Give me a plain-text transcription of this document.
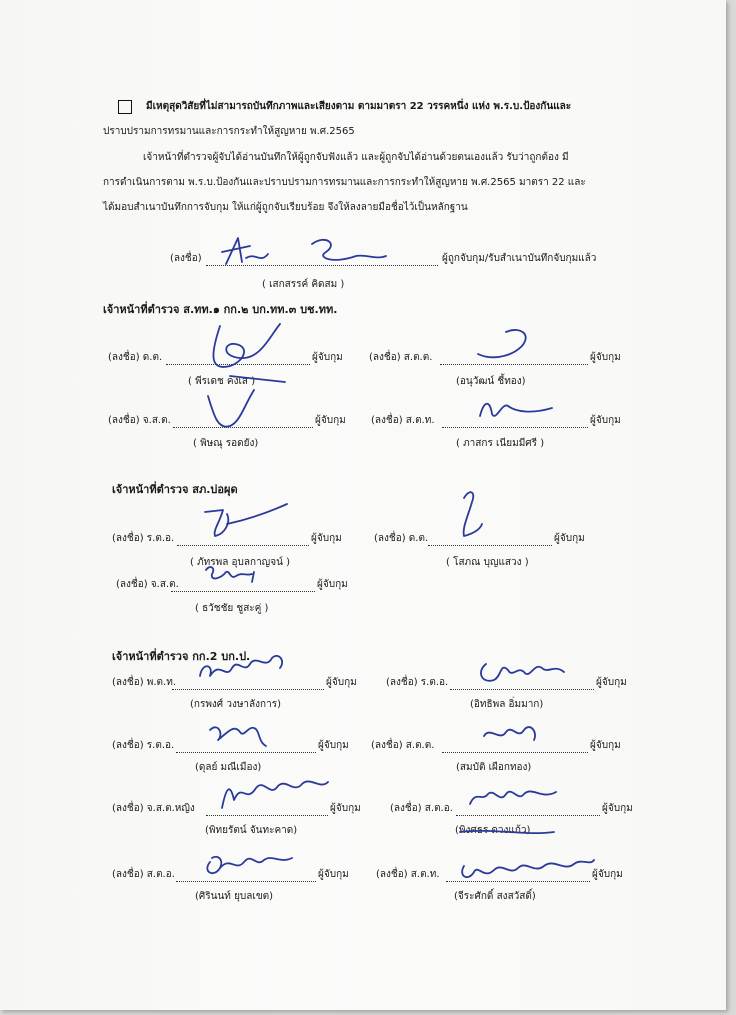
มีเหตุสุดวิสัยที่ไม่สามารถบันทึกภาพและเสียงตาม ตามมาตรา 22 วรรคหนึ่ง แห่ง พ.ร.บ.ป้องกันและ
ปราบปรามการทรมานและการกระทำให้สูญหาย พ.ศ.2565
เจ้าหน้าที่ตำรวจผู้จับได้อ่านบันทึกให้ผู้ถูกจับฟังแล้ว และผู้ถูกจับได้อ่านด้วยตนเองแล้ว รับว่าถูกต้อง มี
การดำเนินการตาม พ.ร.บ.ป้องกันและปราบปรามการทรมานและการกระทำให้สูญหาย พ.ศ.2565 มาตรา 22 และ
ได้มอบสำเนาบันทึกการจับกุม ให้แก่ผู้ถูกจับเรียบร้อย จึงให้ลงลายมือชื่อไว้เป็นหลักฐาน
(ลงชื่อ)	ผู้ถูกจับกุม/รับสำเนาบันทึกจับกุมแล้ว
( เสกสรรค์ คิดสม )
เจ้าหน้าที่ตำรวจ ส.ทท.๑ กก.๒ บก.ทท.๓ บช.ทท.
(ลงชื่อ) ด.ต.	ผู้จับกุม
( พีรเดช คงเส )
(ลงชื่อ) ส.ต.ต.	ผู้จับกุม
(อนุวัฒน์ ชี้ทอง)
(ลงชื่อ) จ.ส.ต.	ผู้จับกุม
( พิษณุ รอดยัง)
(ลงชื่อ) ส.ต.ท.	ผู้จับกุม
( ภาสกร เนียมมีศรี )
เจ้าหน้าที่ตำรวจ สภ.บ่อผุด
(ลงชื่อ) ร.ต.อ.	ผู้จับกุม
( ภัทรพล อุบลกาญจน์ )
(ลงชื่อ) ด.ต.	ผู้จับกุม
( โสภณ บุญแสวง )
(ลงชื่อ) จ.ส.ต.	ผู้จับกุม
( ธวัชชัย ชูสะคู่ )
เจ้าหน้าที่ตำรวจ กก.2 บก.ป.
(ลงชื่อ) พ.ต.ท.	ผู้จับกุม
(กรพงศ์ วงษาลังการ)
(ลงชื่อ) ร.ต.อ.	ผู้จับกุม
(อิทธิพล อิ่มมาก)
(ลงชื่อ) ร.ต.อ.	ผู้จับกุม
(ดุลย์ มณีเมือง)
(ลงชื่อ) ส.ต.ต.	ผู้จับกุม
(สมบัติ เผือกทอง)
(ลงชื่อ) จ.ส.ต.หญิง	ผู้จับกุม
(พิทยรัตน์ จันทะคาด)
(ลงชื่อ) ส.ต.อ.	ผู้จับกุม
(พิงศธร ดวงแก้ว)
(ลงชื่อ) ส.ต.อ.	ผู้จับกุม
(ศิรินนท์ ยุบลเขต)
(ลงชื่อ) ส.ต.ท.	ผู้จับกุม
(จีระศักดิ์ สงสวัสดิ์)
